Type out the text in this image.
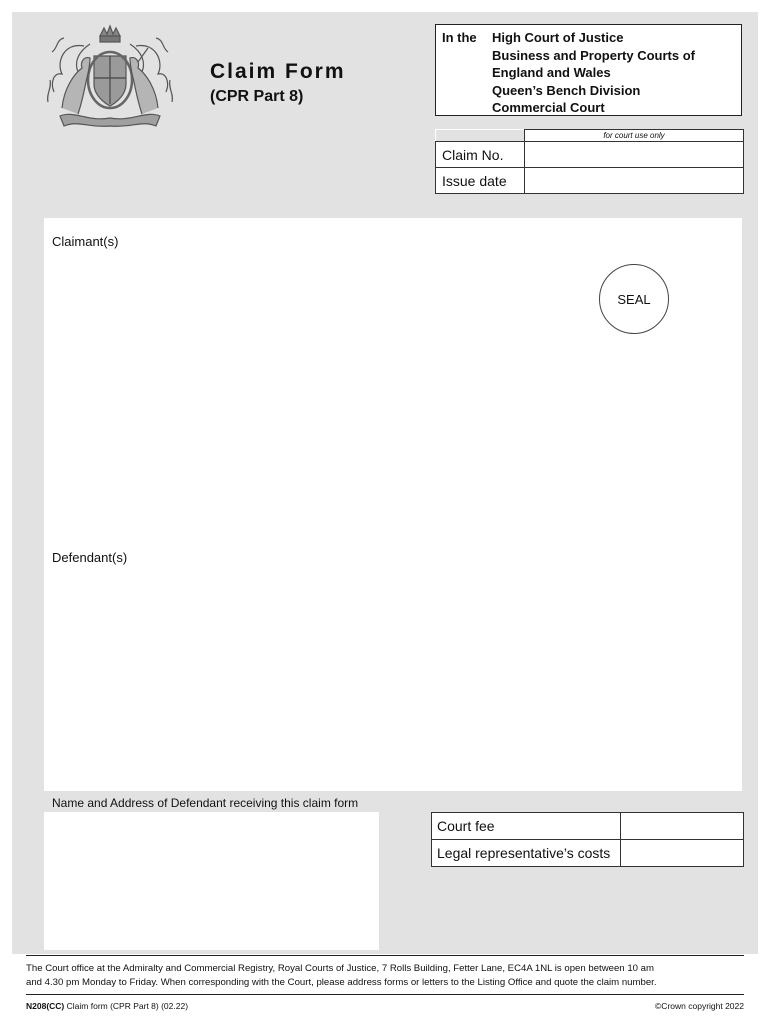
Claim Form
(CPR Part 8)
In the High Court of Justice
Business and Property Courts of
England and Wales
Queen’s Bench Division
Commercial Court
	for court use only
Claim No.	
Issue date	
Claimant(s)
SEAL
Defendant(s)
Name and Address of Defendant receiving this claim form
Court fee	
Legal representative’s costs	

The Court office at the Admiralty and Commercial Registry, Royal Courts of Justice, 7 Rolls Building, Fetter Lane, EC4A 1NL is open between 10 am
and 4.30 pm Monday to Friday. When corresponding with the Court, please address forms or letters to the Listing Office and quote the claim number.

N208(CC) Claim form (CPR Part 8) (02.22)	©Crown copyright 2022
